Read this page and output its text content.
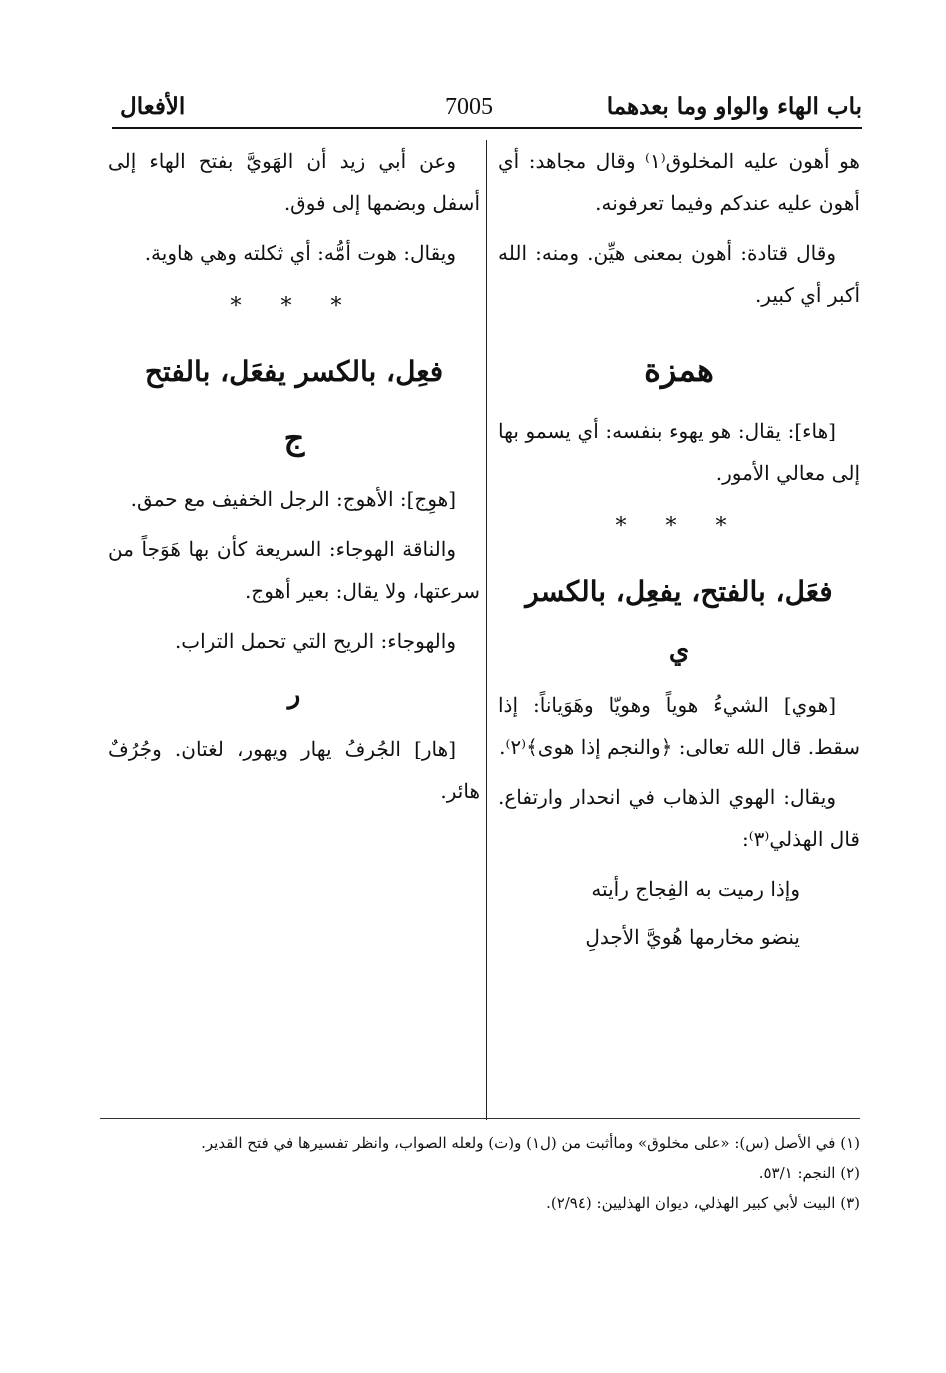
باب الهاء والواو وما بعدهما
7005
الأفعال

هو أهون عليه المخلوق⁽١⁾ وقال مجاهد: أي أهون عليه عندكم وفيما تعرفونه.

وقال قتادة: أهون بمعنى هيِّن. ومنه: الله أكبر أي كبير.

همزة

[هاء]: يقال: هو يهوء بنفسه: أي يسمو بها إلى معالي الأمور.

* * *

فعَل، بالفتح، يفعِل، بالكسر

ي

[هوي] الشيءُ هوياً وهويّا وهَوَياناً: إذا سقط. قال الله تعالى: ﴿والنجم إذا هوى﴾⁽٢⁾.

ويقال: الهوي الذهاب في انحدار وارتفاع. قال الهذلي⁽٣⁾:

وإذا رميت به الفِجاج رأيته

ينضو مخارمها هُويَّ الأجدلِ

وعن أبي زيد أن الهَويَّ بفتح الهاء إلى أسفل وبضمها إلى فوق.

ويقال: هوت أمُّه: أي ثكلته وهي هاوية.

* * *

فعِل، بالكسر يفعَل، بالفتح

ج

[هوِج]: الأهوج: الرجل الخفيف مع حمق.

والناقة الهوجاء: السريعة كأن بها هَوَجاً من سرعتها، ولا يقال: بعير أهوج.

والهوجاء: الريح التي تحمل التراب.

ر

[هار] الجُرفُ يهار ويهور، لغتان. وجُرُفٌ هائر.

(١) في الأصل (س): «على مخلوق» وماأثبت من (ل١) و(ت) ولعله الصواب، وانظر تفسيرها في فتح القدير.

(٢) النجم: ٥٣/١.

(٣) البيت لأبي كبير الهذلي، ديوان الهذليين: (٢/٩٤).
